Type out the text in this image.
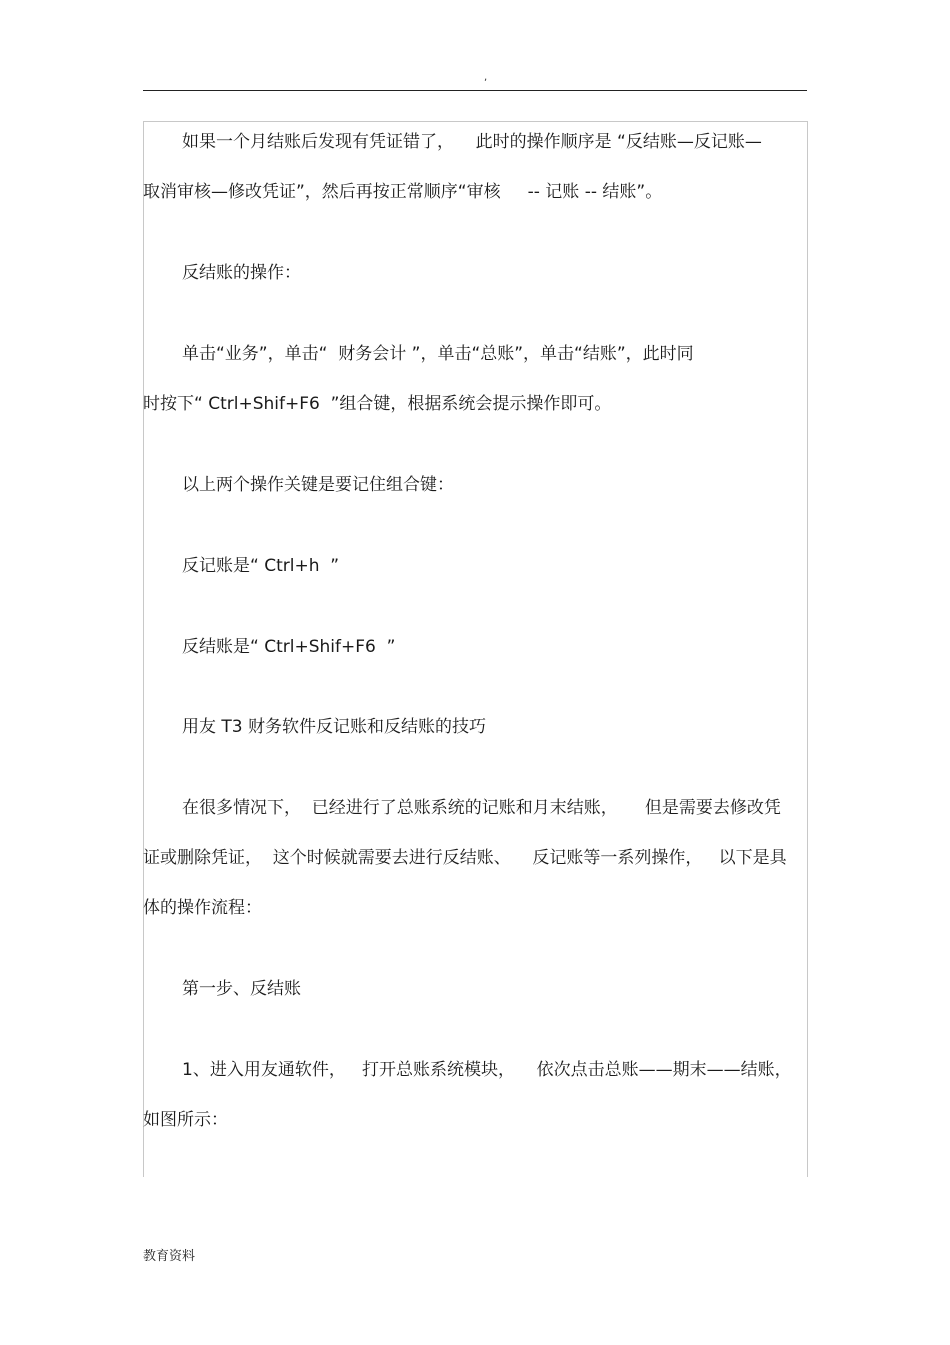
,
如果一个月结账后发现有凭证错了，    此时的操作顺序是 “反结账—反记账—
取消审核—修改凭证”，然后再按正常顺序“审核     -- 记账 -- 结账”。
反结账的操作：
单击“业务”，单击“  财务会计 ”，单击“总账”，单击“结账”，此时同
时按下“ Ctrl+Shif+F6  ”组合键，根据系统会提示操作即可。
以上两个操作关键是要记住组合键：
反记账是“ Ctrl+h  ”
反结账是“ Ctrl+Shif+F6  ”
用友 T3 财务软件反记账和反结账的技巧
在很多情况下，  已经进行了总账系统的记账和月末结账，     但是需要去修改凭
证或删除凭证，  这个时候就需要去进行反结账、    反记账等一系列操作，   以下是具
体的操作流程：
第一步、反结账
1、进入用友通软件，   打开总账系统模块，    依次点击总账——期末——结账，
如图所示：
教育资料
